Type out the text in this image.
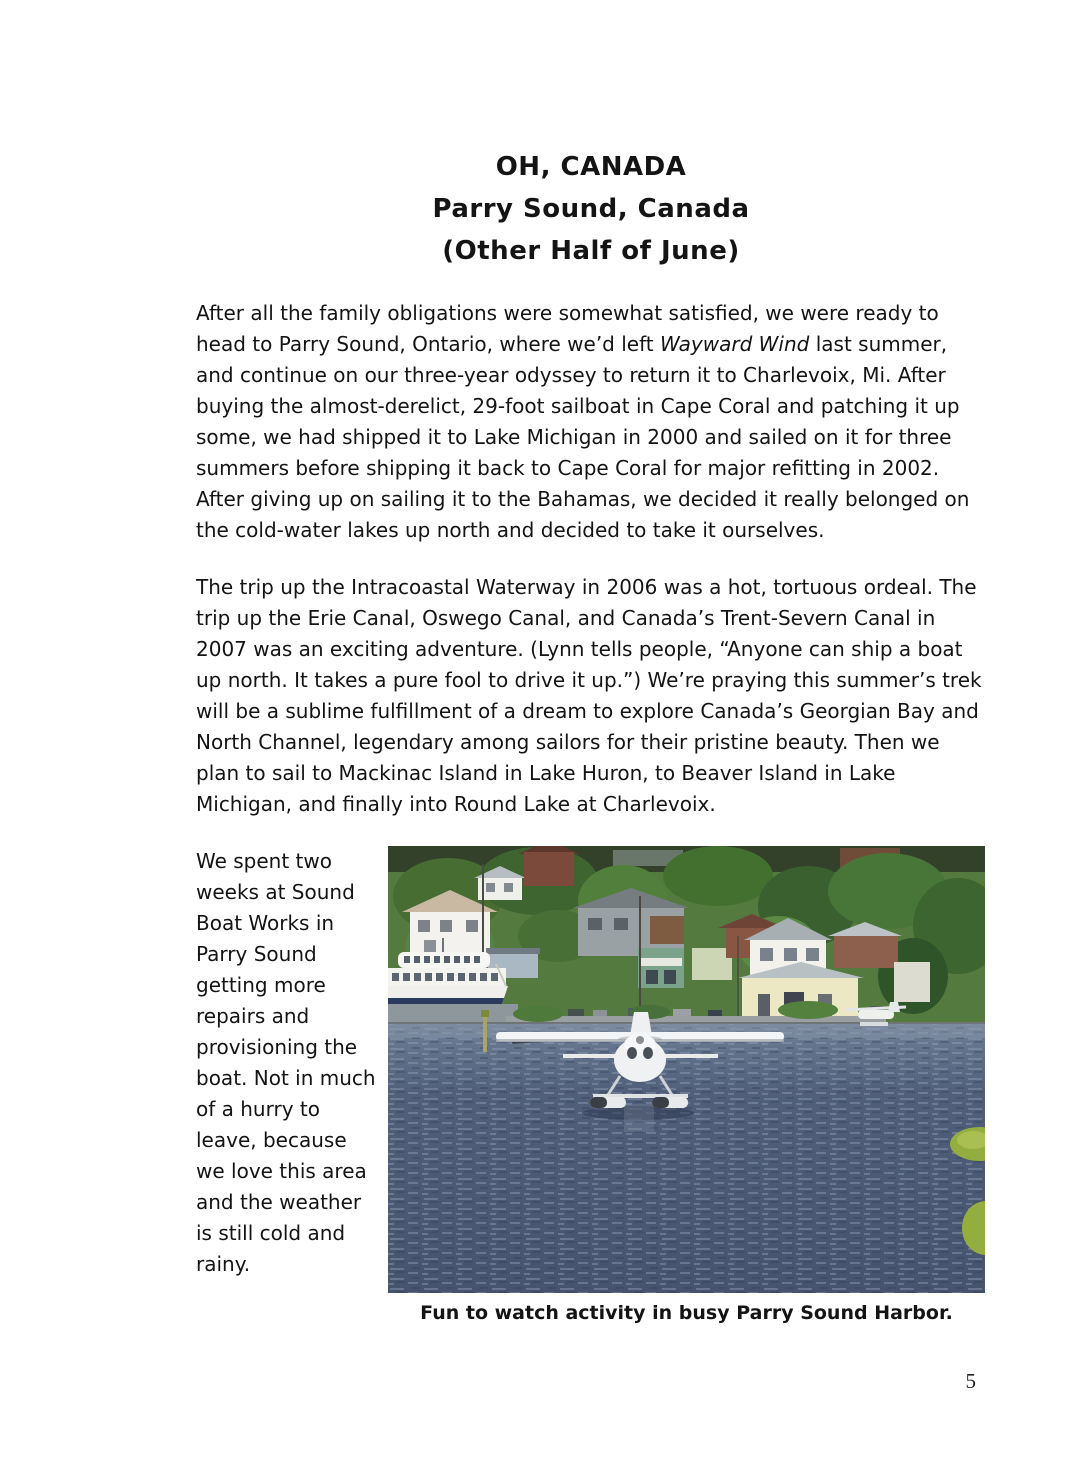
OH, CANADA
Parry Sound, Canada
(Other Half of June)

After all the family obligations were somewhat satisfied, we were ready to head to Parry Sound, Ontario, where we’d left Wayward Wind last summer, and continue on our three-year odyssey to return it to Charlevoix, Mi. After buying the almost-derelict, 29-foot sailboat in Cape Coral and patching it up some, we had shipped it to Lake Michigan in 2000 and sailed on it for three summers before shipping it back to Cape Coral for major refitting in 2002. After giving up on sailing it to the Bahamas, we decided it really belonged on the cold-water lakes up north and decided to take it ourselves.

The trip up the Intracoastal Waterway in 2006 was a hot, tortuous ordeal. The trip up the Erie Canal, Oswego Canal, and Canada’s Trent-Severn Canal in 2007 was an exciting adventure. (Lynn tells people, “Anyone can ship a boat up north. It takes a pure fool to drive it up.”) We’re praying this summer’s trek will be a sublime fulfillment of a dream to explore Canada’s Georgian Bay and North Channel, legendary among sailors for their pristine beauty. Then we plan to sail to Mackinac Island in Lake Huron, to Beaver Island in Lake Michigan, and finally into Round Lake at Charlevoix.

We spent two weeks at Sound Boat Works in Parry Sound getting more repairs and provisioning the boat. Not in much of a hurry to leave, because we love this area and the weather is still cold and rainy.
Fun to watch activity in busy Parry Sound Harbor.
5
